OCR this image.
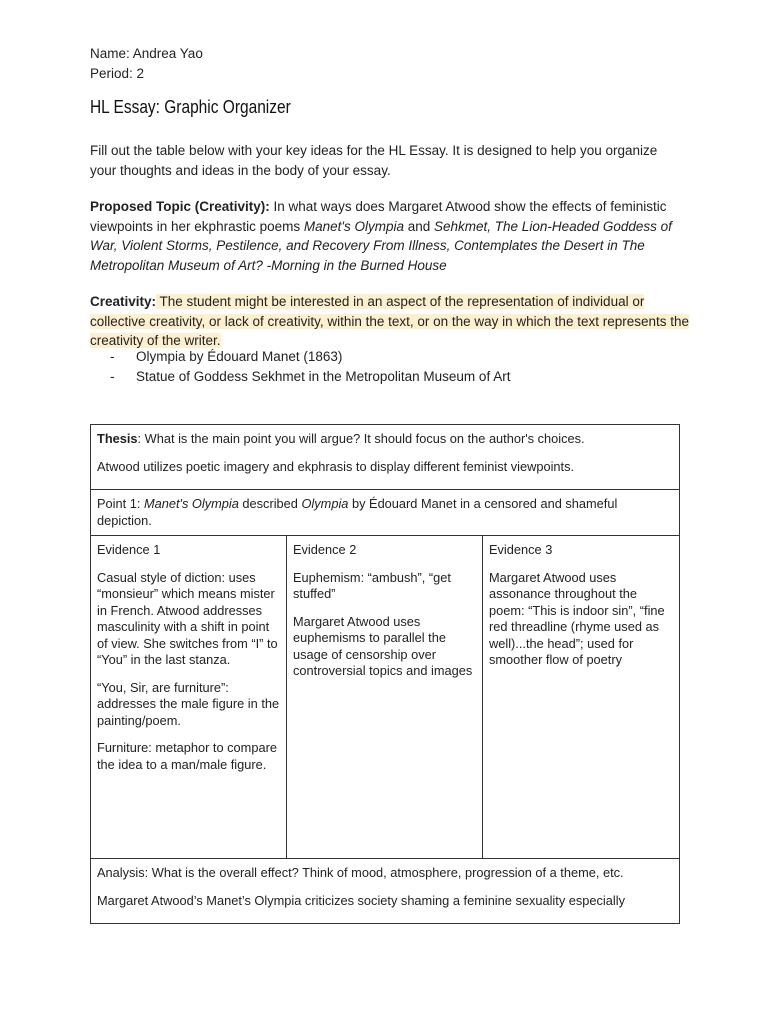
Name: Andrea Yao
Period: 2
HL Essay: Graphic Organizer
Fill out the table below with your key ideas for the HL Essay. It is designed to help you organize
your thoughts and ideas in the body of your essay.

Proposed Topic (Creativity): In what ways does Margaret Atwood show the effects of feministic viewpoints in her ekphrastic poems Manet's Olympia and Sehkmet, The Lion-Headed Goddess of War, Violent Storms, Pestilence, and Recovery From Illness, Contemplates the Desert in The Metropolitan Museum of Art? -Morning in the Burned House

Creativity: The student might be interested in an aspect of the representation of individual or collective creativity, or lack of creativity, within the text, or on the way in which the text represents the creativity of the writer.

- Olympia by Édouard Manet (1863)
- Statue of Goddess Sekhmet in the Metropolitan Museum of Art

Thesis: What is the main point you will argue? It should focus on the author's choices.

Atwood utilizes poetic imagery and ekphrasis to display different feminist viewpoints.

Point 1: Manet's Olympia described Olympia by Édouard Manet in a censored and shameful depiction.

Evidence 1

Casual style of diction: uses “monsieur” which means mister in French. Atwood addresses masculinity with a shift in point of view. She switches from “I” to “You” in the last stanza.

“You, Sir, are furniture”: addresses the male figure in the painting/poem.

Furniture: metaphor to compare the idea to a man/male figure.

Evidence 2

Euphemism: “ambush”, “get stuffed”

Margaret Atwood uses euphemisms to parallel the usage of censorship over controversial topics and images

Evidence 3

Margaret Atwood uses assonance throughout the poem: “This is indoor sin”, “fine red threadline (rhyme used as well)...the head”; used for smoother flow of poetry

Analysis: What is the overall effect? Think of mood, atmosphere, progression of a theme, etc.

Margaret Atwood’s Manet’s Olympia criticizes society shaming a feminine sexuality especially
